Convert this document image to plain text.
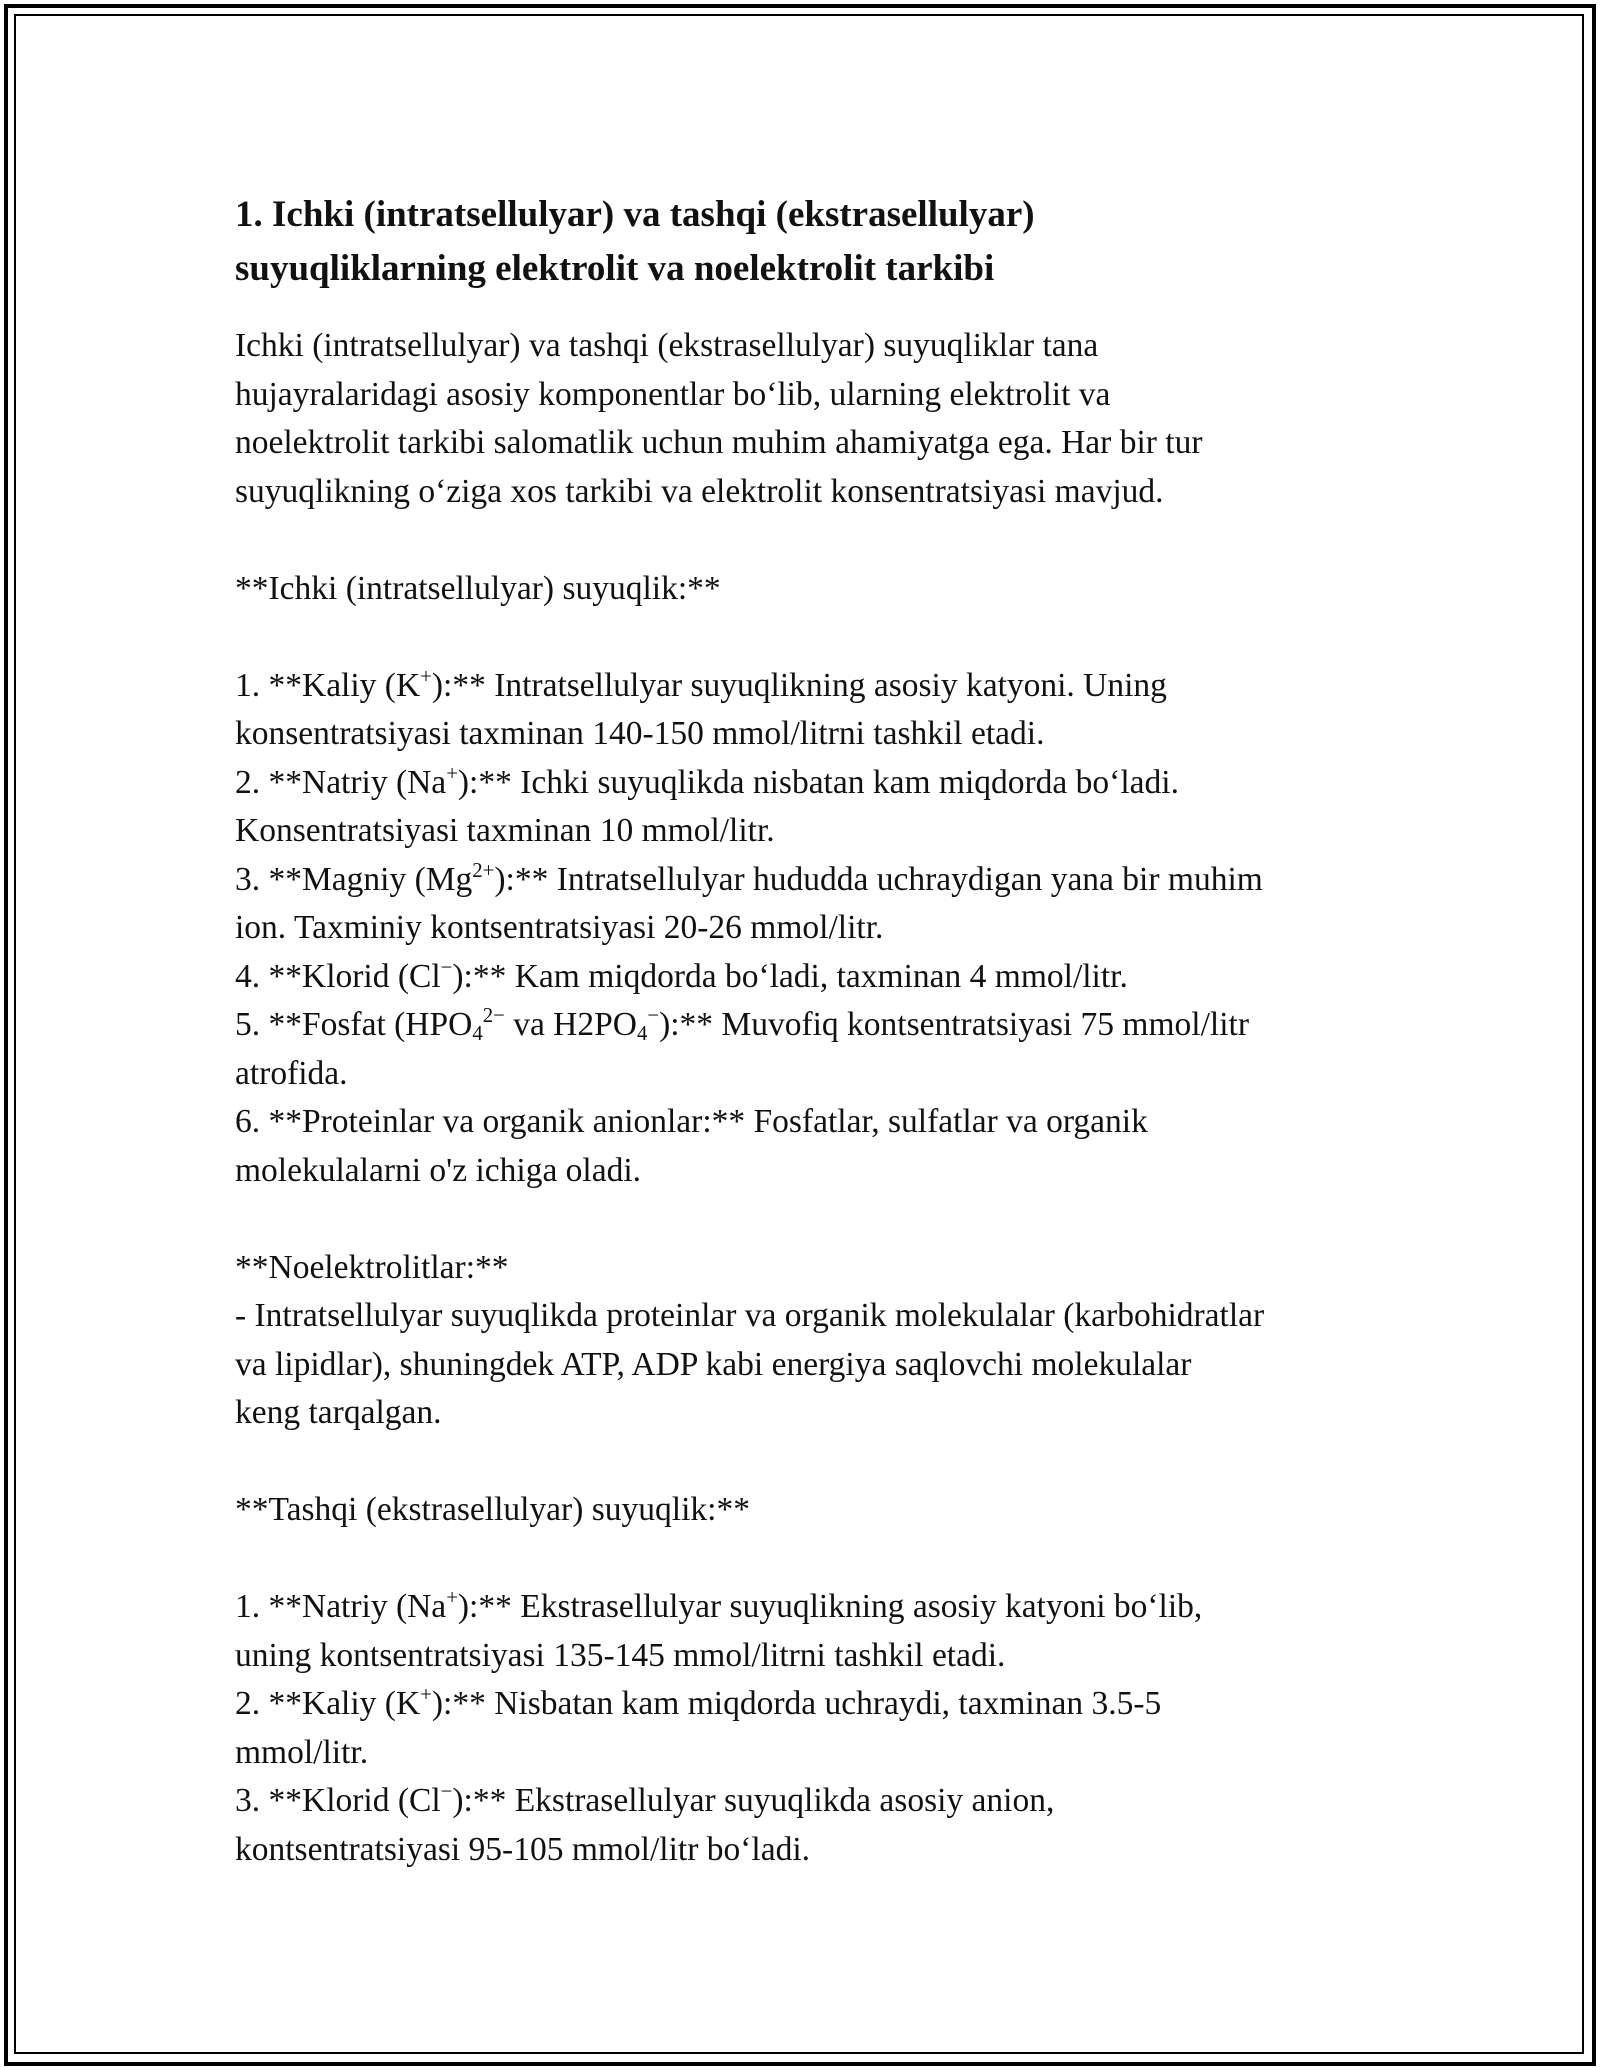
1. Ichki (intratsellulyar) va tashqi (ekstrasellulyar)
suyuqliklarning elektrolit va noelektrolit tarkibi
Ichki (intratsellulyar) va tashqi (ekstrasellulyar) suyuqliklar tana
hujayralaridagi asosiy komponentlar bo‘lib, ularning elektrolit va
noelektrolit tarkibi salomatlik uchun muhim ahamiyatga ega. Har bir tur
suyuqlikning o‘ziga xos tarkibi va elektrolit konsentratsiyasi mavjud.
**Ichki (intratsellulyar) suyuqlik:**
1. **Kaliy (K+):** Intratsellulyar suyuqlikning asosiy katyoni. Uning
konsentratsiyasi taxminan 140-150 mmol/litrni tashkil etadi.
2. **Natriy (Na+):** Ichki suyuqlikda nisbatan kam miqdorda bo‘ladi.
Konsentratsiyasi taxminan 10 mmol/litr.
3. **Magniy $(Mg^{2+}):**$ Intratsellulyar hududda uchraydigan yana bir muhim
ion. Taxminiy kontsentratsiyasi 20-26 mmol/litr.
4. **Klorid (Cl−):** Kam miqdorda bo‘ladi, taxminan 4 mmol/litr.
5. **Fosfat ($HPO_4^{2-}$ va $H2PO_4^-):**$ Muvofiq kontsentratsiyasi 75 mmol/litr
atrofida.
6. **Proteinlar va organik anionlar:** Fosfatlar, sulfatlar va organik
molekulalarni o'z ichiga oladi.
**Noelektrolitlar:**
- Intratsellulyar suyuqlikda proteinlar va organik molekulalar (karbohidratlar
va lipidlar), shuningdek ATP, ADP kabi energiya saqlovchi molekulalar
keng tarqalgan.
**Tashqi (ekstrasellulyar) suyuqlik:**
1. **Natriy (Na+):** Ekstrasellulyar suyuqlikning asosiy katyoni bo‘lib,
uning kontsentratsiyasi 135-145 mmol/litrni tashkil etadi.
2. **Kaliy (K+):** Nisbatan kam miqdorda uchraydi, taxminan 3.5-5
mmol/litr.
3. **Klorid (Cl−):** Ekstrasellulyar suyuqlikda asosiy anion,
kontsentratsiyasi 95-105 mmol/litr bo‘ladi.
